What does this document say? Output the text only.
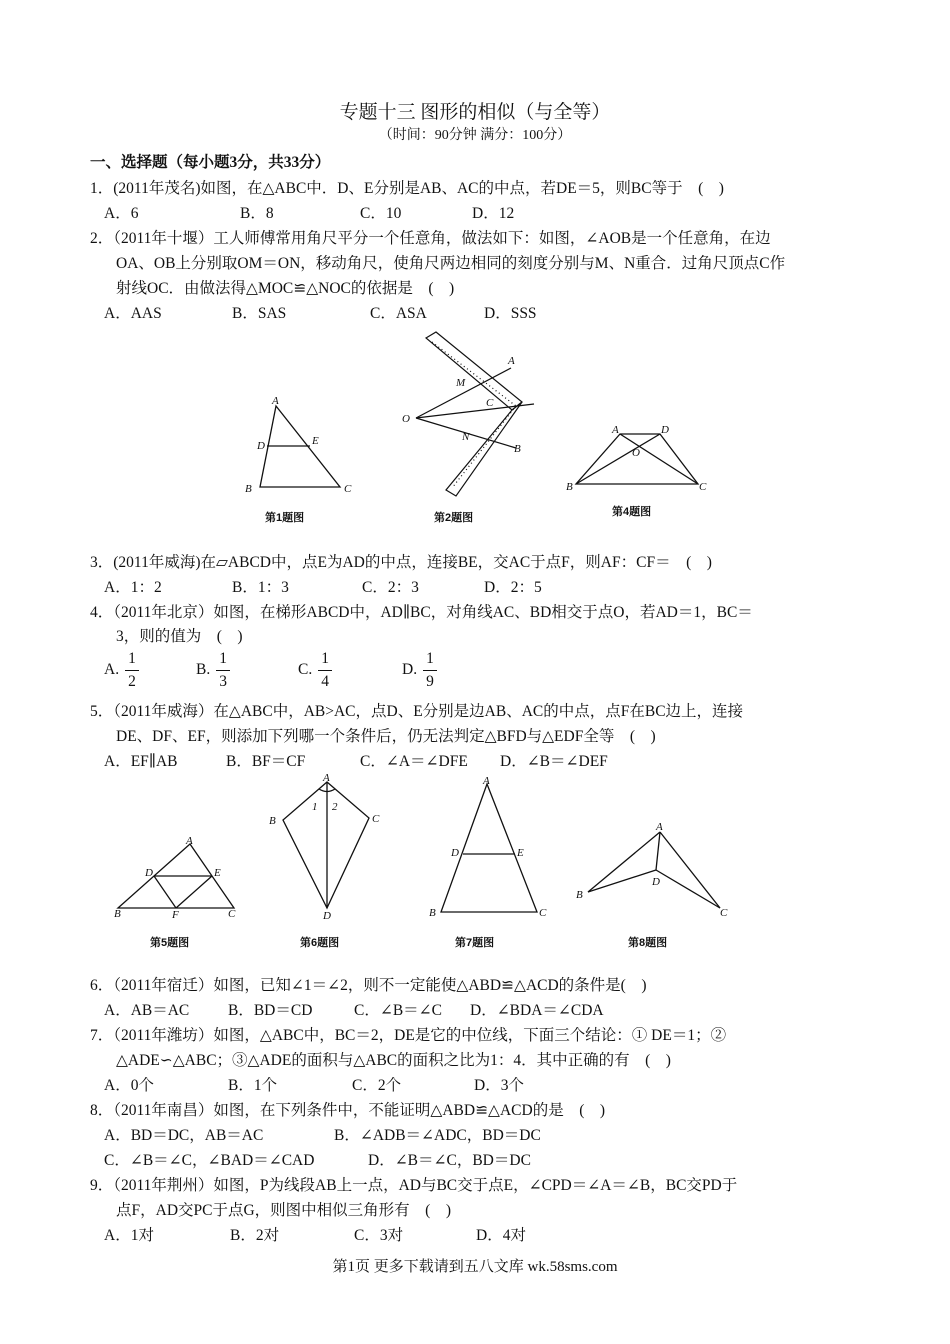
专题十三 图形的相似（与全等）
（时间：90分钟 满分：100分）
一、选择题（每小题3分，共33分）
1．(2011年茂名)如图，在△ABC中．D、E分别是AB、AC的中点，若DE＝5，则BC等于　(　)
A．6	B．8	C．10	D．12
2．（2011年十堰）工人师傅常用角尺平分一个任意角，做法如下：如图，∠AOB是一个任意角，在边
OA、OB上分别取OM＝ON，移动角尺，使角尺两边相同的刻度分别与M、N重合．过角尺顶点C作
射线OC．由做法得△MOC≌△NOC的依据是　(　)
A．AAS	B．SAS	C．ASA	D．SSS
A
D	E
B	C
第1题图
A
M
C
O
N
B
第2题图
A	D
O
B	C
第4题图
3．(2011年威海)在▱ABCD中，点E为AD的中点，连接BE，交AC于点F，则AF：CF＝　(　)
A．1：2	B．1：3	C．2：3	D．2：5
4．（2011年北京）如图，在梯形ABCD中，AD∥BC，对角线AC、BD相交于点O，若AD＝1，BC＝
3，则的值为　(　)
A. $\frac{1}{2}$	B. $\frac{1}{3}$	C. $\frac{1}{4}$	D. $\frac{1}{9}$
5．（2011年威海）在△ABC中，AB>AC，点D、E分别是边AB、AC的中点，点F在BC边上，连接
DE、DF、EF，则添加下列哪一个条件后，仍无法判定△BFD与△EDF全等　(　)
A．EF∥AB	B．BF＝CF	C．∠A＝∠DFE D．∠B＝∠DEF
A
D	E
B	F	C
第5题图
A
1 2
B	C
D
第6题图
A
D	E
B	C
第7题图
A
D
B
C
第8题图
6．（2011年宿迁）如图，已知∠1＝∠2，则不一定能使△ABD≌△ACD的条件是(　)
A．AB＝AC B．BD＝CD	C．∠B＝∠C D．∠BDA＝∠CDA
7．（2011年潍坊）如图，△ABC中，BC＝2，DE是它的中位线，下面三个结论：① DE＝1；②
△ADE∽△ABC；③△ADE的面积与△ABC的面积之比为1：4．其中正确的有　(　)
A．0个	B．1个	C．2个	D．3个
8．（2011年南昌）如图，在下列条件中，不能证明△ABD≌△ACD的是　(　)
A．BD＝DC，AB＝AC	B．∠ADB＝∠ADC，BD＝DC
C．∠B＝∠C，∠BAD＝∠CAD	D．∠B＝∠C，BD＝DC
9．（2011年荆州）如图，P为线段AB上一点，AD与BC交于点E，∠CPD＝∠A＝∠B，BC交PD于
点F，AD交PC于点G，则图中相似三角形有　(　)
A．1对	B．2对	C．3对	D．4对
第1页 更多下载请到五八文库 wk.58sms.com
